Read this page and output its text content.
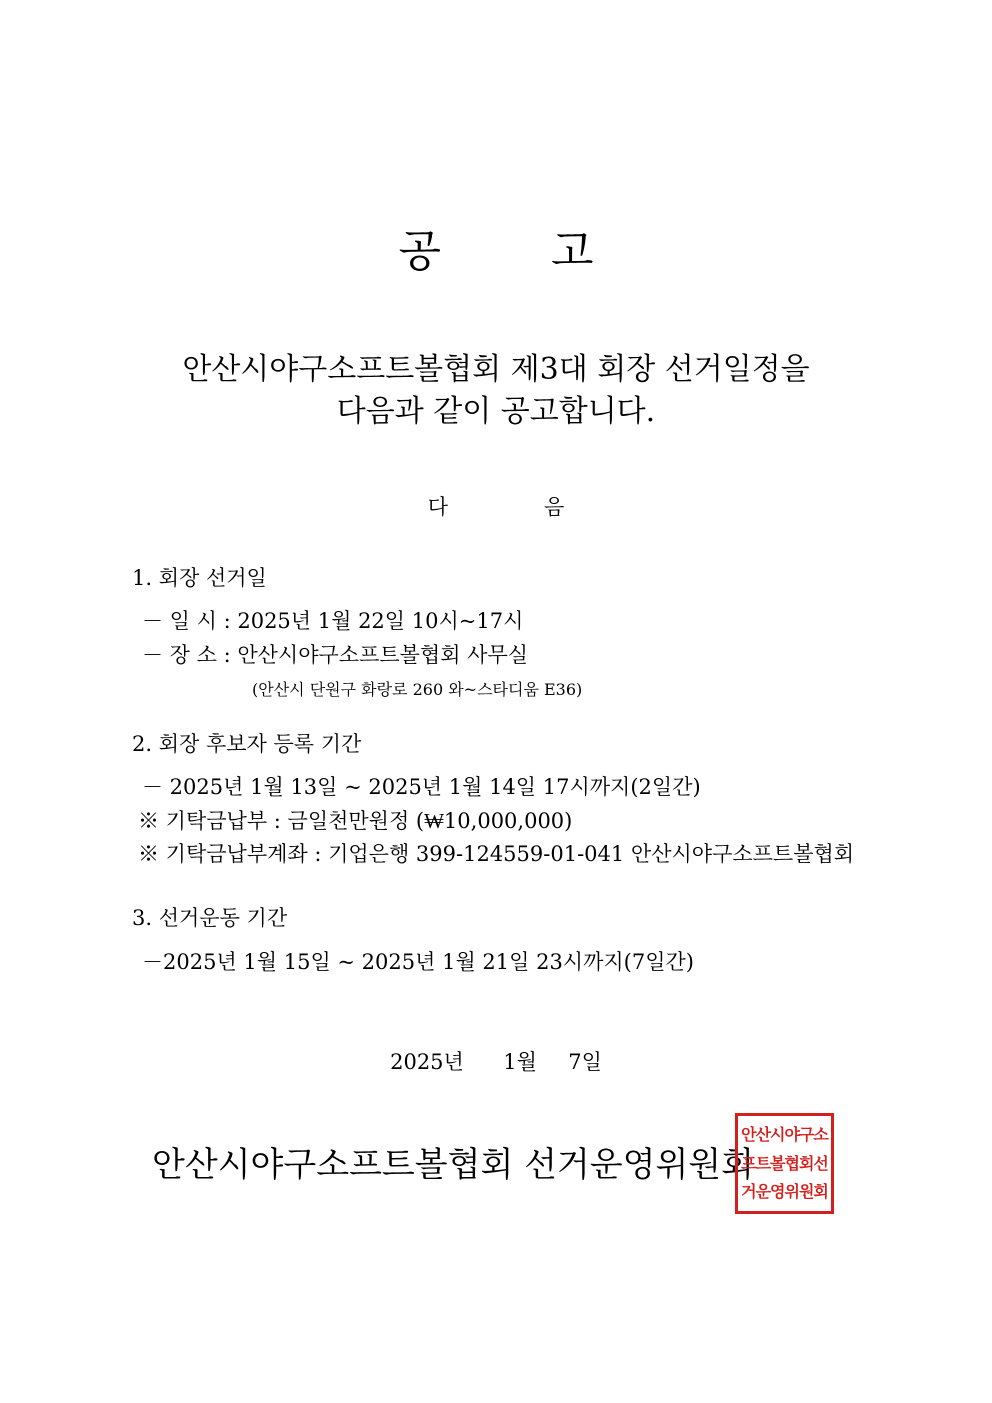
공	고
안산시야구소프트볼협회 제3대 회장 선거일정을
다음과 같이 공고합니다.
다	음
1. 회장 선거일
－ 일 시 : 2025년 1월 22일 10시~17시
－ 장 소 : 안산시야구소프트볼협회 사무실
(안산시 단원구 화랑로 260 와~스타디움 E36)
2. 회장 후보자 등록 기간
－ 2025년 1월 13일 ~ 2025년 1월 14일 17시까지(2일간)
※ 기탁금납부 : 금일천만원정 (₩10,000,000)
※ 기탁금납부계좌 : 기업은행 399-124559-01-041 안산시야구소프트볼협회
3. 선거운동 기간
－2025년 1월 15일 ~ 2025년 1월 21일 23시까지(7일간)
2025년 1월 7일
안산시야구소프트볼협회 선거운영위원회
안산시야구소
프트볼협회선
거운영위원회
